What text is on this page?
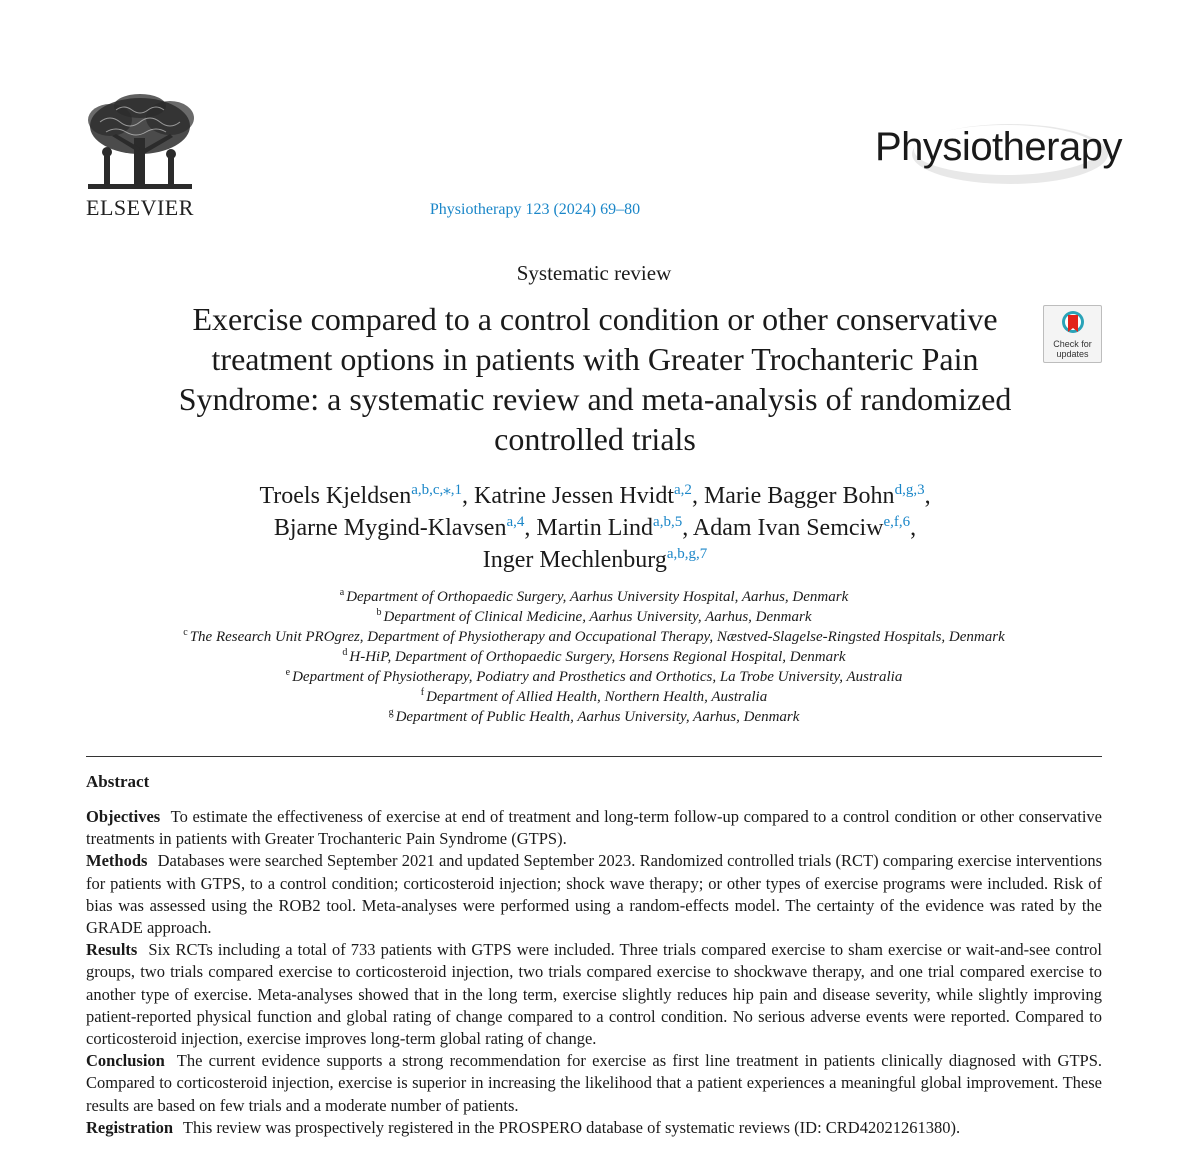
ELSEVIER
Physiotherapy
Physiotherapy 123 (2024) 69–80
Systematic review
Exercise compared to a control condition or other conservative treatment options in patients with Greater Trochanteric Pain Syndrome: a systematic review and meta-analysis of randomized controlled trials
Check for
updates
Troels Kjeldsen$^{a,b,c,⁎,1}$, Katrine Jessen Hvidt$^{a,2}$, Marie Bagger Bohn$^{d,g,3}$,
Bjarne Mygind-Klavsen$^{a,4}$, Martin Lind$^{a,b,5}$, Adam Ivan Semciw$^{e,f,6}$,
Inger Mechlenburg$^{a,b,g,7}$
$^a$ Department of Orthopaedic Surgery, Aarhus University Hospital, Aarhus, Denmark
$^b$ Department of Clinical Medicine, Aarhus University, Aarhus, Denmark
$^c$ The Research Unit PROgrez, Department of Physiotherapy and Occupational Therapy, Næstved-Slagelse-Ringsted Hospitals, Denmark
$^d$ H-HiP, Department of Orthopaedic Surgery, Horsens Regional Hospital, Denmark
$^e$ Department of Physiotherapy, Podiatry and Prosthetics and Orthotics, La Trobe University, Australia
$^f$ Department of Allied Health, Northern Health, Australia
$^g$ Department of Public Health, Aarhus University, Aarhus, Denmark
Abstract

Objectives To estimate the effectiveness of exercise at end of treatment and long-term follow-up compared to a control condition or other conservative treatments in patients with Greater Trochanteric Pain Syndrome (GTPS).

Methods Databases were searched September 2021 and updated September 2023. Randomized controlled trials (RCT) comparing exercise interventions for patients with GTPS, to a control condition; corticosteroid injection; shock wave therapy; or other types of exercise programs were included. Risk of bias was assessed using the ROB2 tool. Meta-analyses were performed using a random-effects model. The certainty of the evidence was rated by the GRADE approach.

Results Six RCTs including a total of 733 patients with GTPS were included. Three trials compared exercise to sham exercise or wait-and-see control groups, two trials compared exercise to corticosteroid injection, two trials compared exercise to shockwave therapy, and one trial compared exercise to another type of exercise. Meta-analyses showed that in the long term, exercise slightly reduces hip pain and disease severity, while slightly improving patient-reported physical function and global rating of change compared to a control condition. No serious adverse events were reported. Compared to corticosteroid injection, exercise improves long-term global rating of change.

Conclusion The current evidence supports a strong recommendation for exercise as first line treatment in patients clinically diagnosed with GTPS. Compared to corticosteroid injection, exercise is superior in increasing the likelihood that a patient experiences a meaningful global improvement. These results are based on few trials and a moderate number of patients.

Registration This review was prospectively registered in the PROSPERO database of systematic reviews (ID: CRD42021261380).
